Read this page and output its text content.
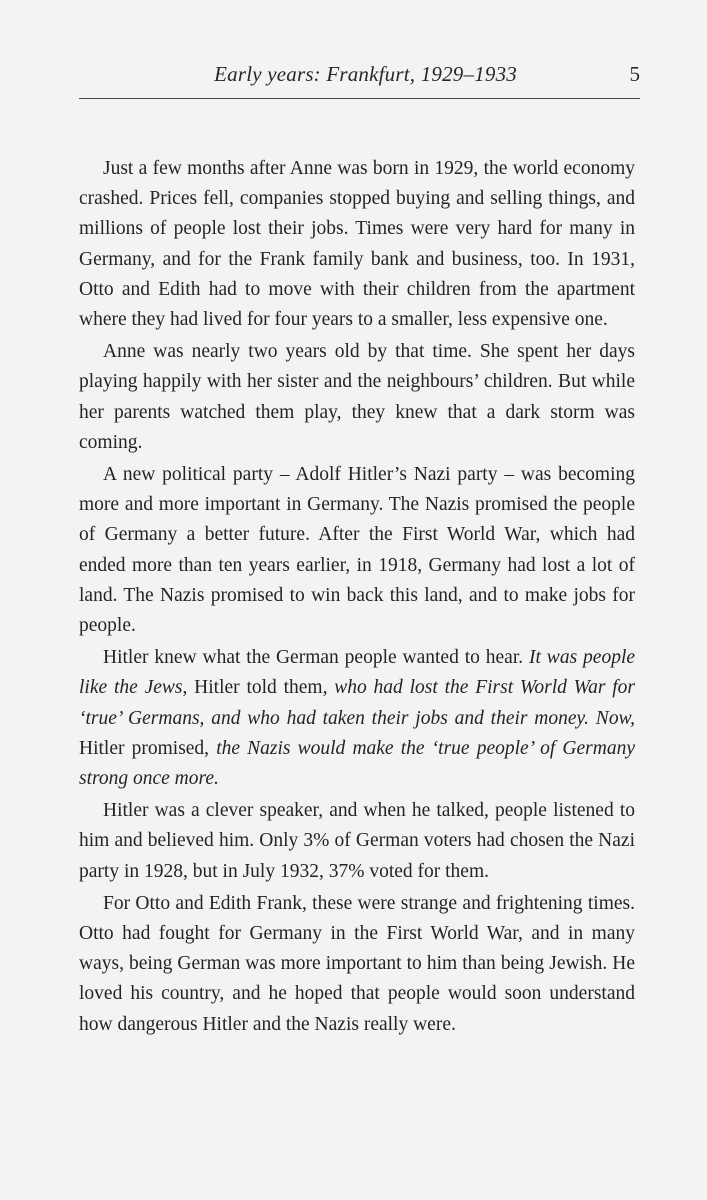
Early years: Frankfurt, 1929–1933	5

Just a few months after Anne was born in 1929, the world economy crashed. Prices fell, companies stopped buying and selling things, and millions of people lost their jobs. Times were very hard for many in Germany, and for the Frank family bank and business, too. In 1931, Otto and Edith had to move with their children from the apartment where they had lived for four years to a smaller, less expensive one.

Anne was nearly two years old by that time. She spent her days playing happily with her sister and the neighbours’ children. But while her parents watched them play, they knew that a dark storm was coming.

A new political party – Adolf Hitler’s Nazi party – was becoming more and more important in Germany. The Nazis promised the people of Germany a better future. After the First World War, which had ended more than ten years earlier, in 1918, Germany had lost a lot of land. The Nazis promised to win back this land, and to make jobs for people.

Hitler knew what the German people wanted to hear. It was people like the Jews, Hitler told them, who had lost the First World War for ‘true’ Germans, and who had taken their jobs and their money. Now, Hitler promised, the Nazis would make the ‘true people’ of Germany strong once more.

Hitler was a clever speaker, and when he talked, people listened to him and believed him. Only 3% of German voters had chosen the Nazi party in 1928, but in July 1932, 37% voted for them.

For Otto and Edith Frank, these were strange and frightening times. Otto had fought for Germany in the First World War, and in many ways, being German was more important to him than being Jewish. He loved his country, and he hoped that people would soon understand how dangerous Hitler and the Nazis really were.
